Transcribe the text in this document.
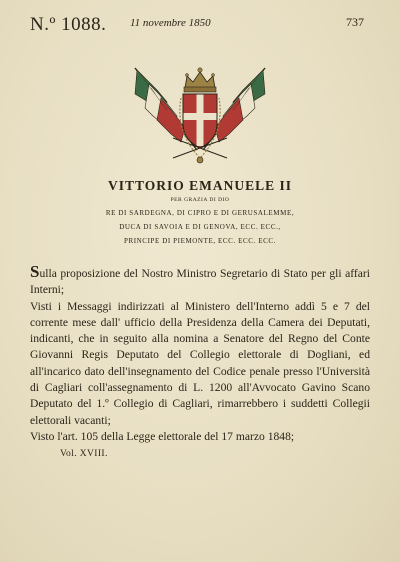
N.º 1088. 11 novembre 1850	737
VITTORIO EMANUELE II
PER GRAZIA DI DIO
RE DI SARDEGNA, DI CIPRO E DI GERUSALEMME,
DUCA DI SAVOIA E DI GENOVA, ECC. ECC.,
PRINCIPE DI PIEMONTE, ECC. ECC. ECC.

Sulla proposizione del Nostro Ministro Segretario di Stato per gli affari Interni;

Visti i Messaggi indirizzati al Ministero dell'Interno addì 5 e 7 del corrente mese dall' ufficio della Presidenza della Camera dei Deputati, indicanti, che in seguito alla nomina a Senatore del Regno del Conte Giovanni Regis Deputato del Collegio elettorale di Dogliani, ed all'incarico dato dell'insegnamento del Codice penale presso l'Università di Cagliari coll'assegnamento di L. 1200 all'Avvocato Gavino Scano Deputato del 1.º Collegio di Cagliari, rimarrebbero i suddetti Collegii elettorali vacanti;

Visto l'art. 105 della Legge elettorale del 17 marzo 1848;

Vol. XVIII.
